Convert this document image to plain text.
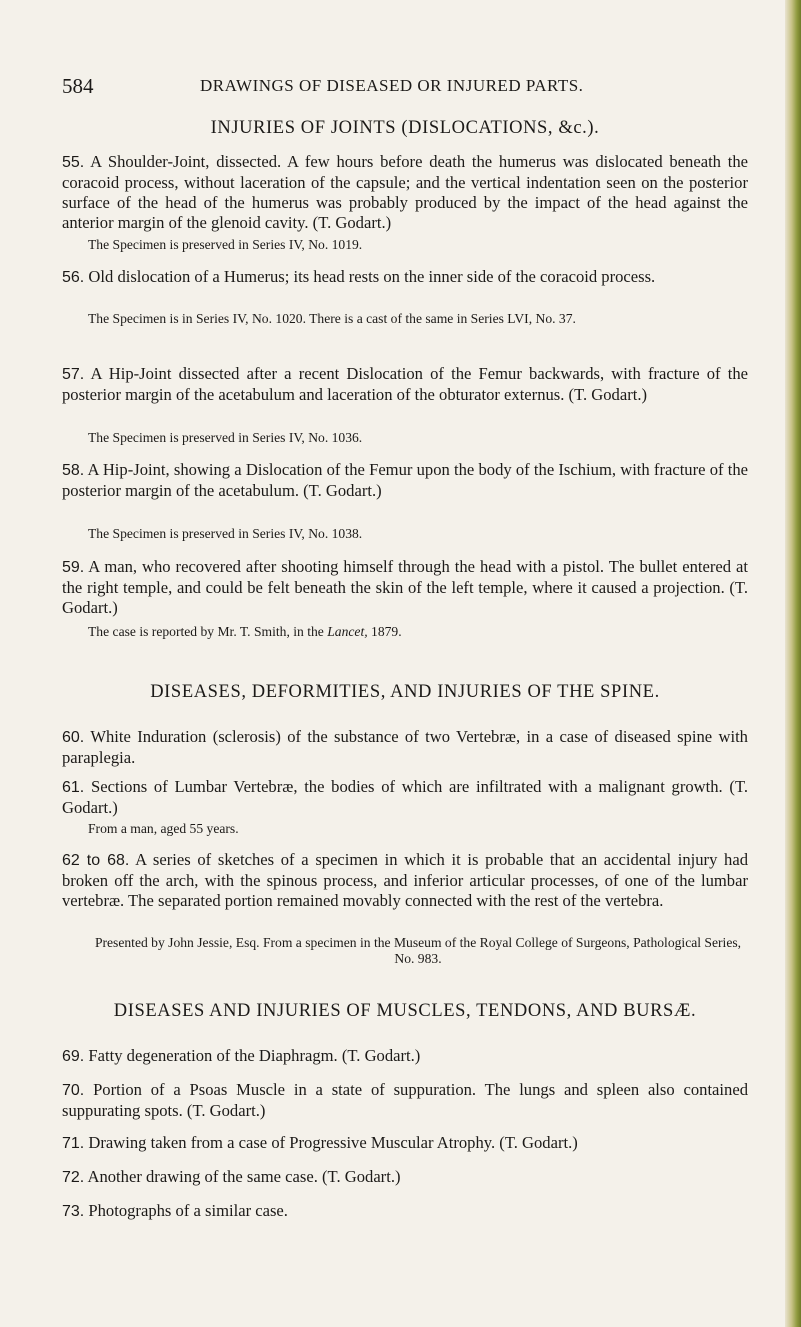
584	DRAWINGS OF DISEASED OR INJURED PARTS.
INJURIES OF JOINTS (DISLOCATIONS, &c.).
55. A Shoulder-Joint, dissected. A few hours before death the humerus was dislocated beneath the coracoid process, without laceration of the capsule; and the vertical indentation seen on the posterior surface of the head of the humerus was probably produced by the impact of the head against the anterior margin of the glenoid cavity. (T. Godart.)
The Specimen is preserved in Series IV, No. 1019.
56. Old dislocation of a Humerus; its head rests on the inner side of the coracoid process.
The Specimen is in Series IV, No. 1020. There is a cast of the same in Series LVI, No. 37.
57. A Hip-Joint dissected after a recent Dislocation of the Femur backwards, with fracture of the posterior margin of the acetabulum and laceration of the obturator externus. (T. Godart.)
The Specimen is preserved in Series IV, No. 1036.
58. A Hip-Joint, showing a Dislocation of the Femur upon the body of the Ischium, with fracture of the posterior margin of the acetabulum. (T. Godart.)
The Specimen is preserved in Series IV, No. 1038.
59. A man, who recovered after shooting himself through the head with a pistol. The bullet entered at the right temple, and could be felt beneath the skin of the left temple, where it caused a projection. (T. Godart.)
The case is reported by Mr. T. Smith, in the Lancet, 1879.
DISEASES, DEFORMITIES, AND INJURIES OF THE SPINE.
60. White Induration (sclerosis) of the substance of two Vertebræ, in a case of diseased spine with paraplegia.
61. Sections of Lumbar Vertebræ, the bodies of which are infiltrated with a malignant growth. (T. Godart.)
From a man, aged 55 years.
62 to 68. A series of sketches of a specimen in which it is probable that an accidental injury had broken off the arch, with the spinous process, and inferior articular processes, of one of the lumbar vertebræ. The separated portion remained movably connected with the rest of the vertebra.
Presented by John Jessie, Esq. From a specimen in the Museum of the Royal College of Surgeons, Pathological Series, No. 983.
DISEASES AND INJURIES OF MUSCLES, TENDONS, AND BURSÆ.
69. Fatty degeneration of the Diaphragm. (T. Godart.)
70. Portion of a Psoas Muscle in a state of suppuration. The lungs and spleen also contained suppurating spots. (T. Godart.)
71. Drawing taken from a case of Progressive Muscular Atrophy. (T. Godart.)
72. Another drawing of the same case. (T. Godart.)
73. Photographs of a similar case.
